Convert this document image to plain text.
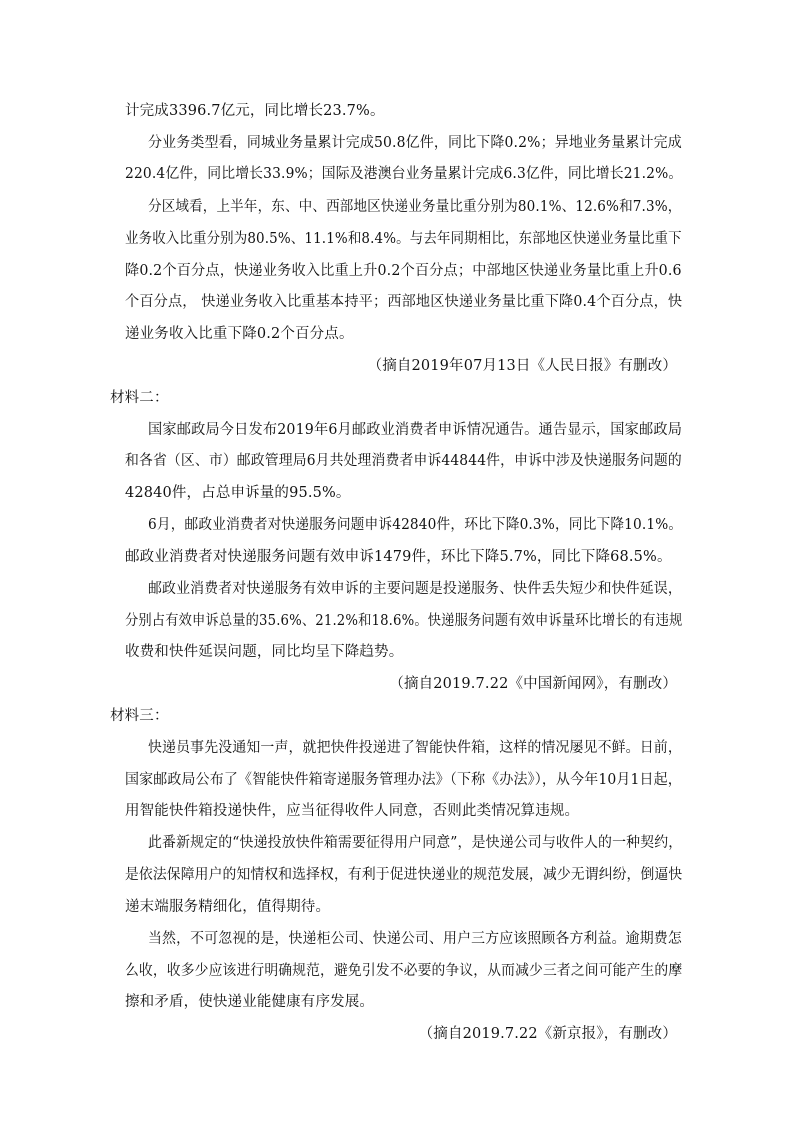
计完成3396.7亿元，同比增长23.7%。
分业务类型看，同城业务量累计完成50.8亿件，同比下降0.2%；异地业务量累计完成
220.4亿件，同比增长33.9%；国际及港澳台业务量累计完成6.3亿件，同比增长21.2%。
分区域看，上半年，东、中、西部地区快递业务量比重分别为80.1%、12.6%和7.3%，
业务收入比重分别为80.5%、11.1%和8.4%。与去年同期相比，东部地区快递业务量比重下
降0.2个百分点，快递业务收入比重上升0.2个百分点；中部地区快递业务量比重上升0.6
个百分点， 快递业务收入比重基本持平；西部地区快递业务量比重下降0.4个百分点，快
递业务收入比重下降0.2个百分点。
（摘自2019年07月13日《人民日报》有删改）
材料二：
国家邮政局今日发布2019年6月邮政业消费者申诉情况通告。通告显示，国家邮政局
和各省（区、市）邮政管理局6月共处理消费者申诉44844件，申诉中涉及快递服务问题的
42840件，占总申诉量的95.5%。
6月，邮政业消费者对快递服务问题申诉42840件，环比下降0.3%，同比下降10.1%。
邮政业消费者对快递服务问题有效申诉1479件，环比下降5.7%，同比下降68.5%。
邮政业消费者对快递服务有效申诉的主要问题是投递服务、快件丢失短少和快件延误，
分别占有效申诉总量的35.6%、21.2%和18.6%。快递服务问题有效申诉量环比增长的有违规
收费和快件延误问题，同比均呈下降趋势。
（摘自2019.7.22《中国新闻网》，有删改）
材料三：
快递员事先没通知一声，就把快件投递进了智能快件箱，这样的情况屡见不鲜。日前，
国家邮政局公布了《智能快件箱寄递服务管理办法》（下称《办法》），从今年10月1日起，
用智能快件箱投递快件，应当征得收件人同意，否则此类情况算违规。
此番新规定的“快递投放快件箱需要征得用户同意”，是快递公司与收件人的一种契约，
是依法保障用户的知情权和选择权，有利于促进快递业的规范发展，减少无谓纠纷，倒逼快
递末端服务精细化，值得期待。
当然，不可忽视的是，快递柜公司、快递公司、用户三方应该照顾各方利益。逾期费怎
么收，收多少应该进行明确规范，避免引发不必要的争议，从而减少三者之间可能产生的摩
擦和矛盾，使快递业能健康有序发展。
（摘自2019.7.22《新京报》，有删改）
